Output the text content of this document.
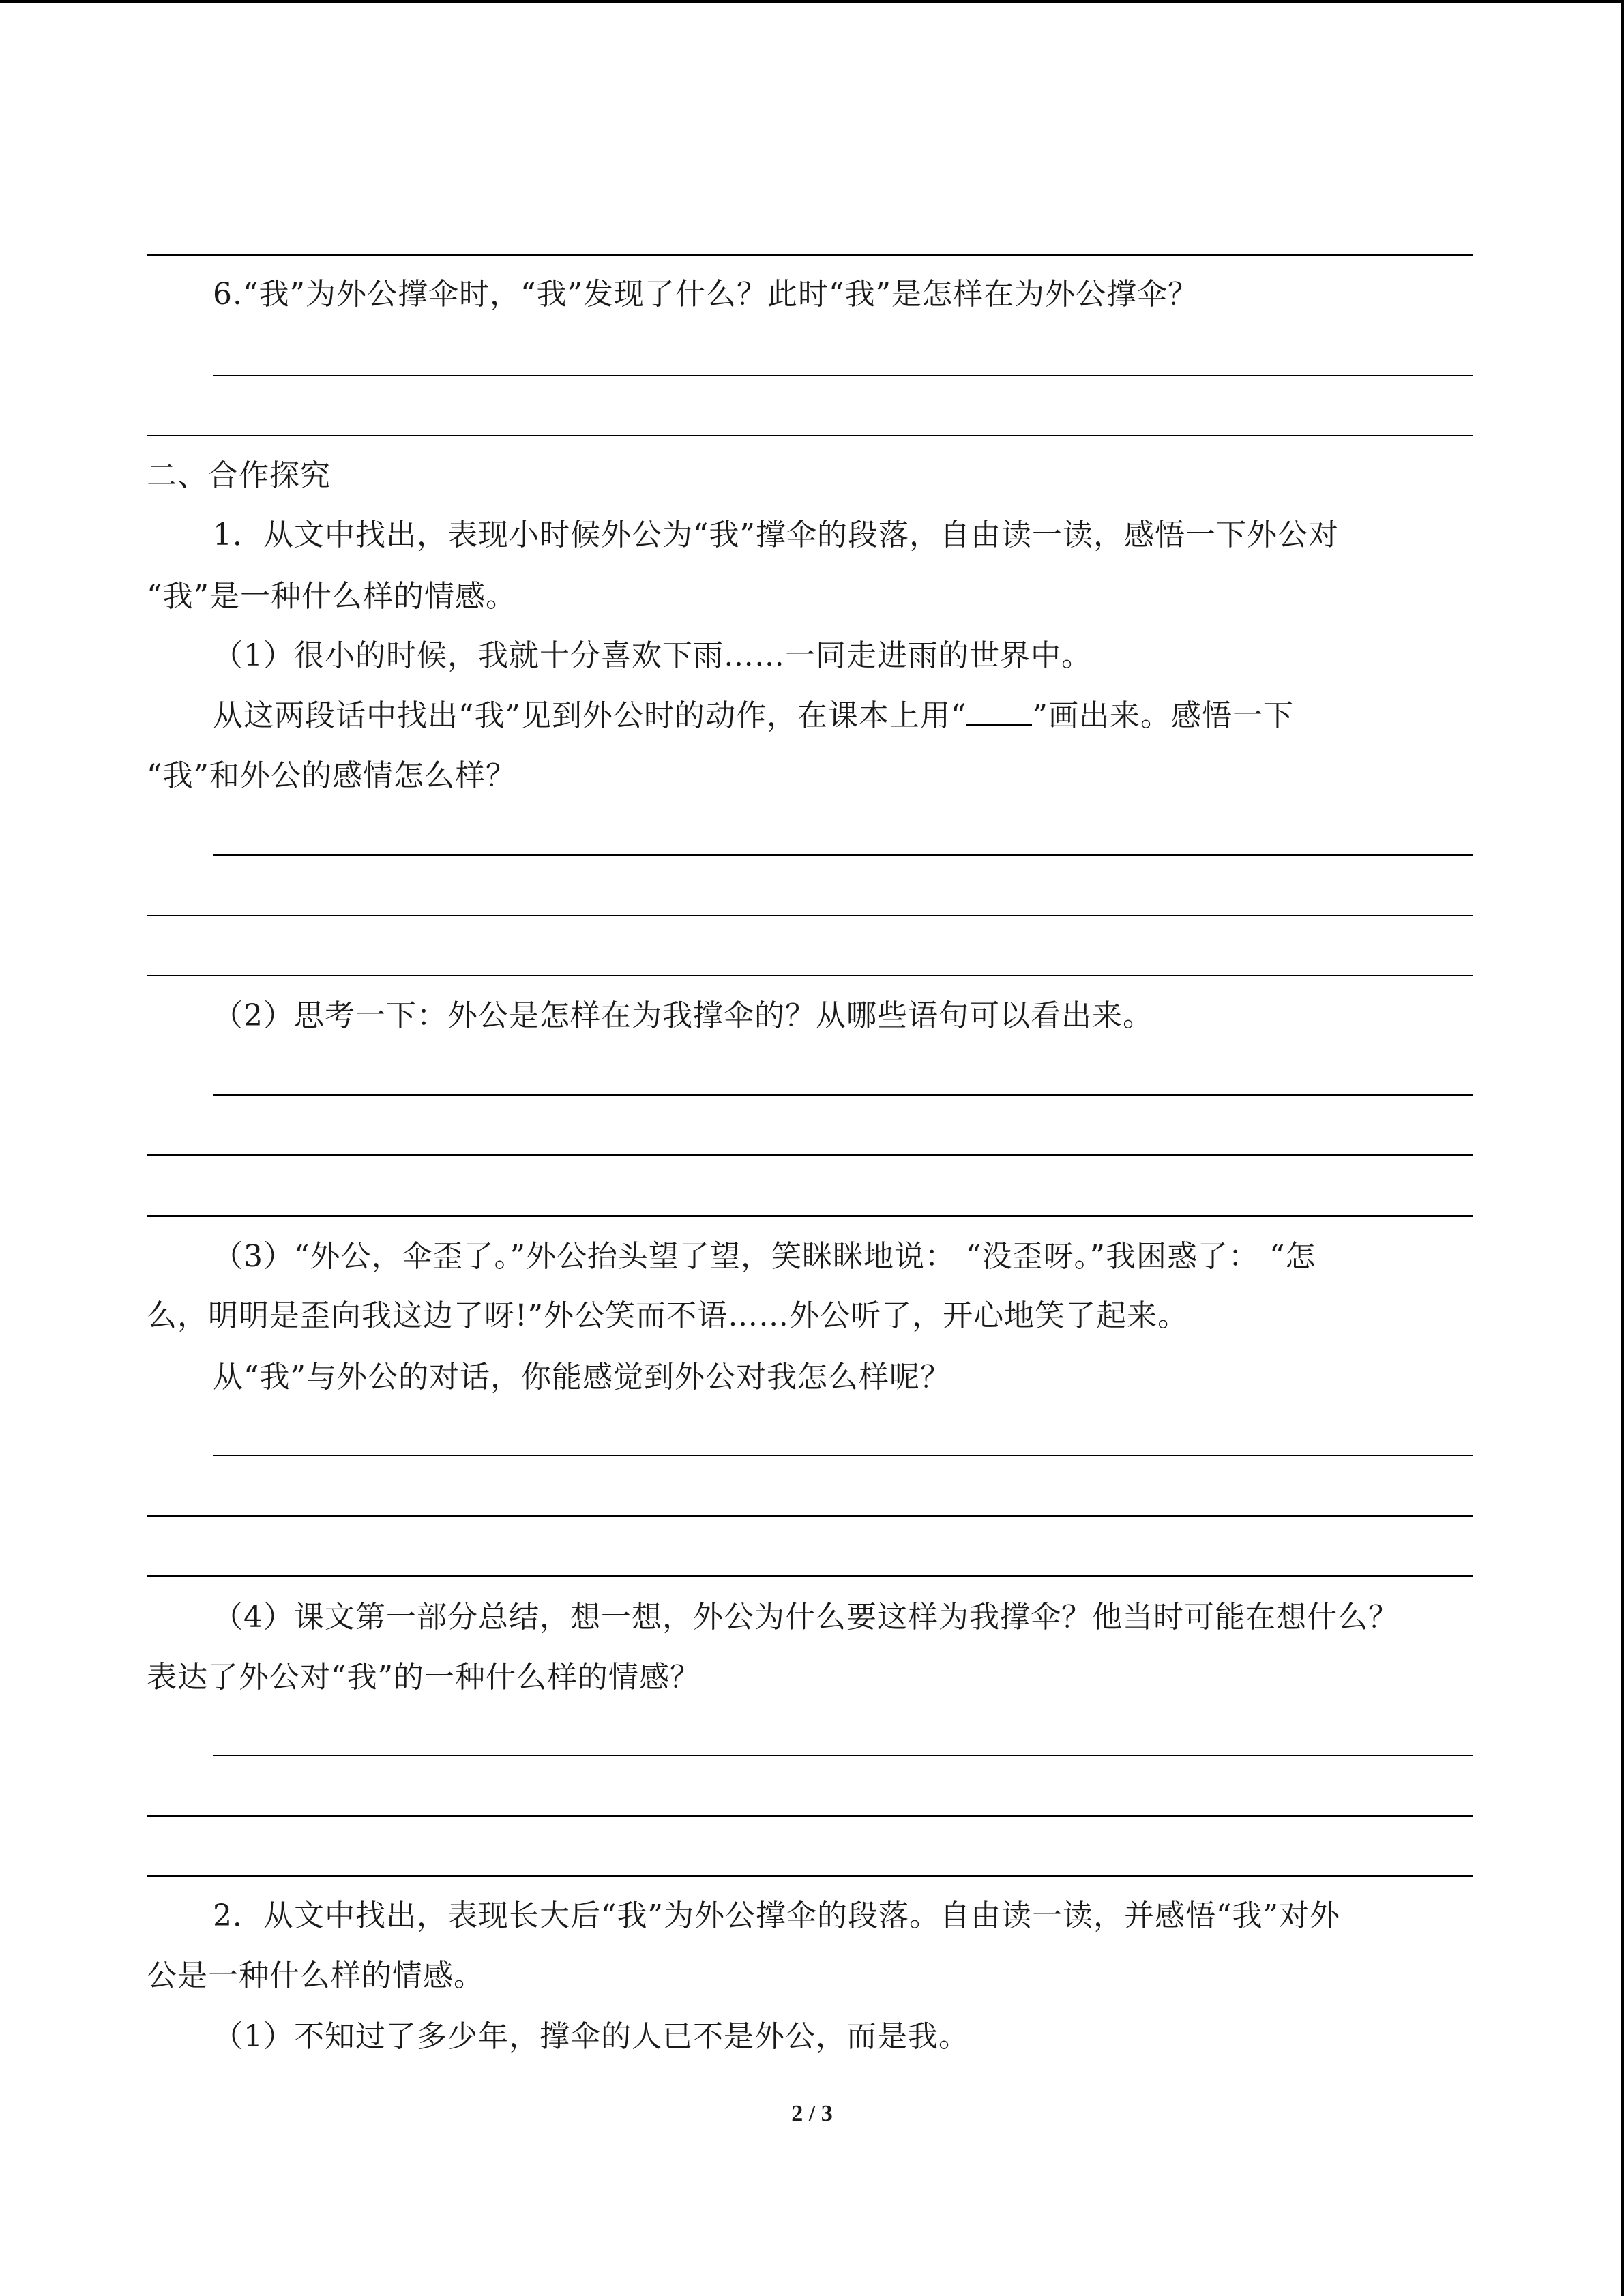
6.“我”为外公撑伞时，“我”发现了什么？此时“我”是怎样在为外公撑伞？
二、合作探究
1．从文中找出，表现小时候外公为“我”撑伞的段落，自由读一读，感悟一下外公对
“我”是一种什么样的情感。
（1）很小的时候，我就十分喜欢下雨……一同走进雨的世界中。
从这两段话中找出“我”见到外公时的动作，在课本上用“ ”画出来。感悟一下
“我”和外公的感情怎么样？
（2）思考一下：外公是怎样在为我撑伞的？从哪些语句可以看出来。
（3）“外公，伞歪了。”外公抬头望了望，笑眯眯地说： “没歪呀。”我困惑了： “怎
么，明明是歪向我这边了呀!”外公笑而不语……外公听了，开心地笑了起来。
从“我”与外公的对话，你能感觉到外公对我怎么样呢？
（4）课文第一部分总结，想一想，外公为什么要这样为我撑伞？他当时可能在想什么？
表达了外公对“我”的一种什么样的情感？
2．从文中找出，表现长大后“我”为外公撑伞的段落。自由读一读，并感悟“我”对外
公是一种什么样的情感。
（1）不知过了多少年，撑伞的人已不是外公，而是我。
2 / 3
